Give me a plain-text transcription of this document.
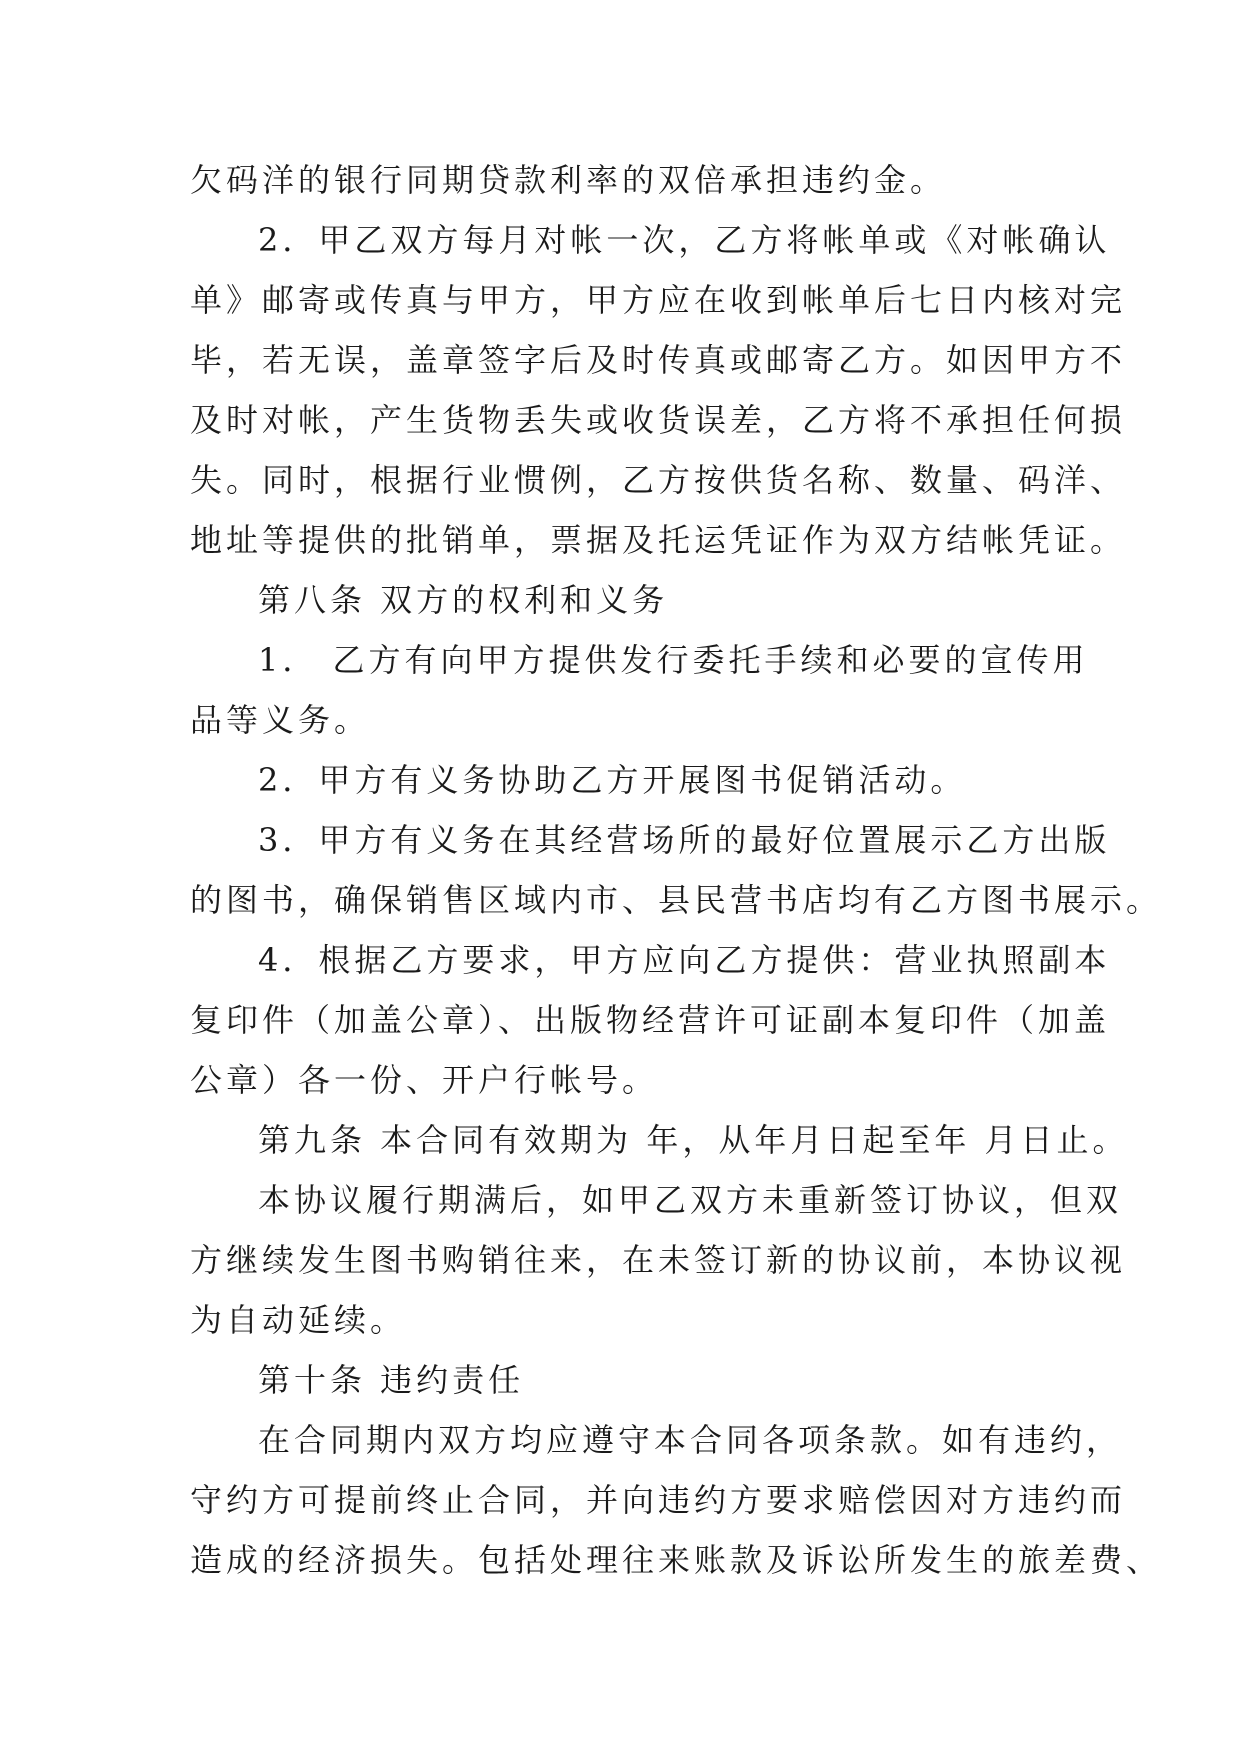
欠码洋的银行同期贷款利率的双倍承担违约金。
2．甲乙双方每月对帐一次，乙方将帐单或《对帐确认
单》邮寄或传真与甲方，甲方应在收到帐单后七日内核对完
毕，若无误，盖章签字后及时传真或邮寄乙方。如因甲方不
及时对帐，产生货物丢失或收货误差，乙方将不承担任何损
失。同时，根据行业惯例，乙方按供货名称、数量、码洋、
地址等提供的批销单，票据及托运凭证作为双方结帐凭证。
第八条 双方的权利和义务
1． 乙方有向甲方提供发行委托手续和必要的宣传用
品等义务。
2．甲方有义务协助乙方开展图书促销活动。
3．甲方有义务在其经营场所的最好位置展示乙方出版
的图书，确保销售区域内市、县民营书店均有乙方图书展示。
4．根据乙方要求，甲方应向乙方提供：营业执照副本
复印件（加盖公章）、出版物经营许可证副本复印件（加盖
公章）各一份、开户行帐号。
第九条 本合同有效期为 年，从年月日起至年 月日止。
本协议履行期满后，如甲乙双方未重新签订协议，但双
方继续发生图书购销往来，在未签订新的协议前，本协议视
为自动延续。
第十条 违约责任
在合同期内双方均应遵守本合同各项条款。如有违约，
守约方可提前终止合同，并向违约方要求赔偿因对方违约而
造成的经济损失。包括处理往来账款及诉讼所发生的旅差费、
